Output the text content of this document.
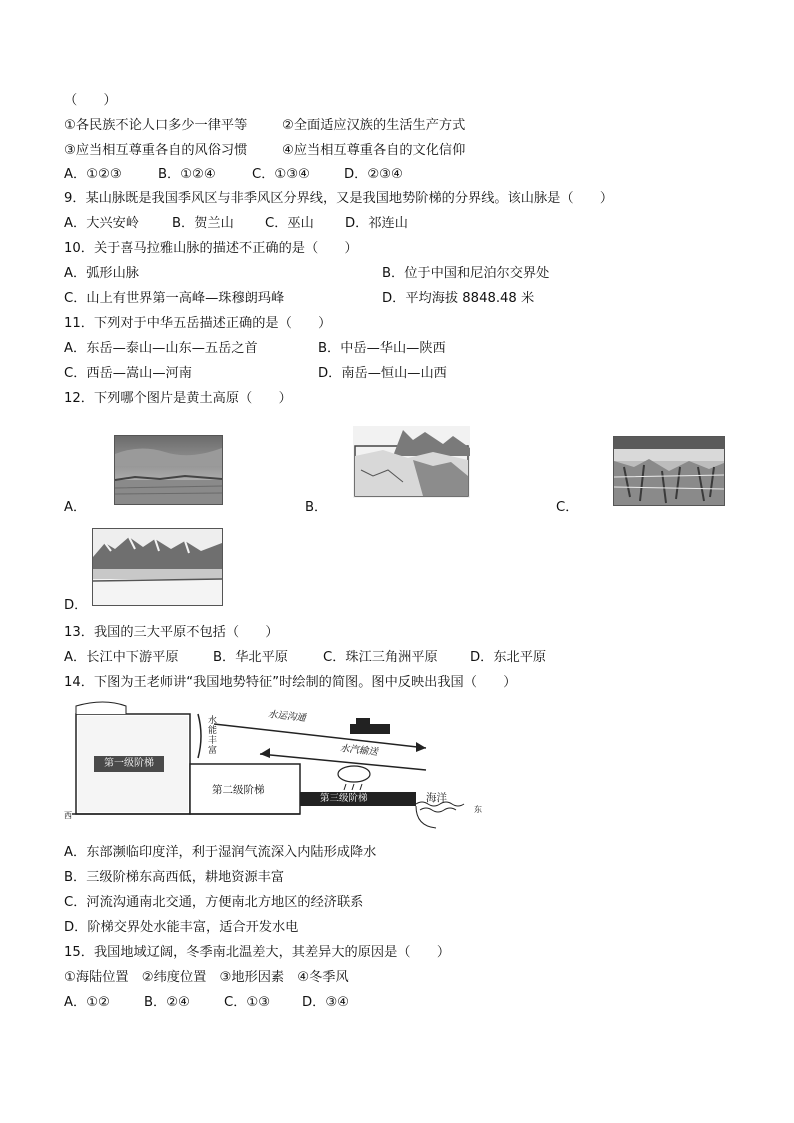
（　　）
①各民族不论人口多少一律平等	②全面适应汉族的生活生产方式
③应当相互尊重各自的风俗习惯	④应当相互尊重各自的文化信仰
A．①②③	B．①②④	C．①③④	D．②③④
9．某山脉既是我国季风区与非季风区分界线，又是我国地势阶梯的分界线。该山脉是（　　）
A．大兴安岭	B．贺兰山 C．巫山 D．祁连山
10．关于喜马拉雅山脉的描述不正确的是（　　）
A．弧形山脉	B．位于中国和尼泊尔交界处
C．山上有世界第一高峰—珠穆朗玛峰	D．平均海拔 8848.48 米
11．下列对于中华五岳描述正确的是（　　）
A．东岳—泰山—山东—五岳之首	B．中岳—华山—陕西
C．西岳—嵩山—河南	D．南岳—恒山—山西
12．下列哪个图片是黄土高原（　　）
A．	B．	C．
D．
13．我国的三大平原不包括（　　）
A．长江中下游平原	B．华北平原	C．珠江三角洲平原 D．东北平原
14．下图为王老师讲“我国地势特征”时绘制的简图。图中反映出我国（　　）
水能丰富
水运沟通
水汽输送
第一级阶梯
第二级阶梯
第三级阶梯	海洋
西
东
A．东部濒临印度洋，利于湿润气流深入内陆形成降水
B．三级阶梯东高西低，耕地资源丰富
C．河流沟通南北交通，方便南北方地区的经济联系
D．阶梯交界处水能丰富，适合开发水电
15．我国地域辽阔，冬季南北温差大，其差异大的原因是（　　）
①海陆位置　②纬度位置　③地形因素　④冬季风
A．①②	B．②④	C．①③ D．③④
